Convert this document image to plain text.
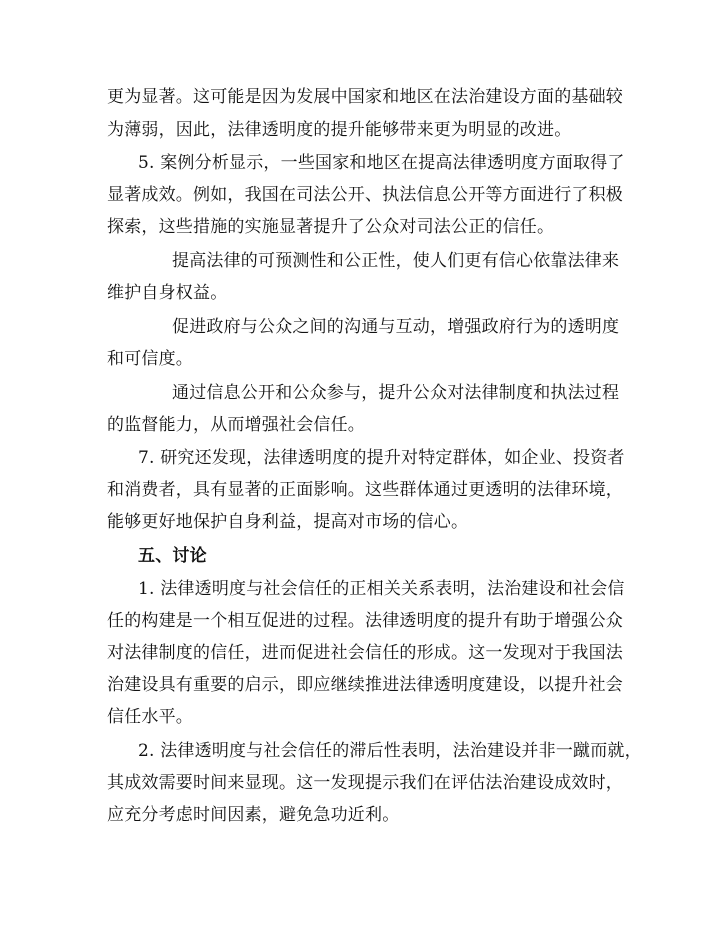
更为显著。这可能是因为发展中国家和地区在法治建设方面的基础较
为薄弱，因此，法律透明度的提升能够带来更为明显的改进。
5. 案例分析显示，一些国家和地区在提高法律透明度方面取得了
显著成效。例如，我国在司法公开、执法信息公开等方面进行了积极
探索，这些措施的实施显著提升了公众对司法公正的信任。
提高法律的可预测性和公正性，使人们更有信心依靠法律来
维护自身权益。
促进政府与公众之间的沟通与互动，增强政府行为的透明度
和可信度。
通过信息公开和公众参与，提升公众对法律制度和执法过程
的监督能力，从而增强社会信任。
7. 研究还发现，法律透明度的提升对特定群体，如企业、投资者
和消费者，具有显著的正面影响。这些群体通过更透明的法律环境，
能够更好地保护自身利益，提高对市场的信心。
五、讨论
1. 法律透明度与社会信任的正相关关系表明，法治建设和社会信
任的构建是一个相互促进的过程。法律透明度的提升有助于增强公众
对法律制度的信任，进而促进社会信任的形成。这一发现对于我国法
治建设具有重要的启示，即应继续推进法律透明度建设，以提升社会
信任水平。
2. 法律透明度与社会信任的滞后性表明，法治建设并非一蹴而就，
其成效需要时间来显现。这一发现提示我们在评估法治建设成效时，
应充分考虑时间因素，避免急功近利。
